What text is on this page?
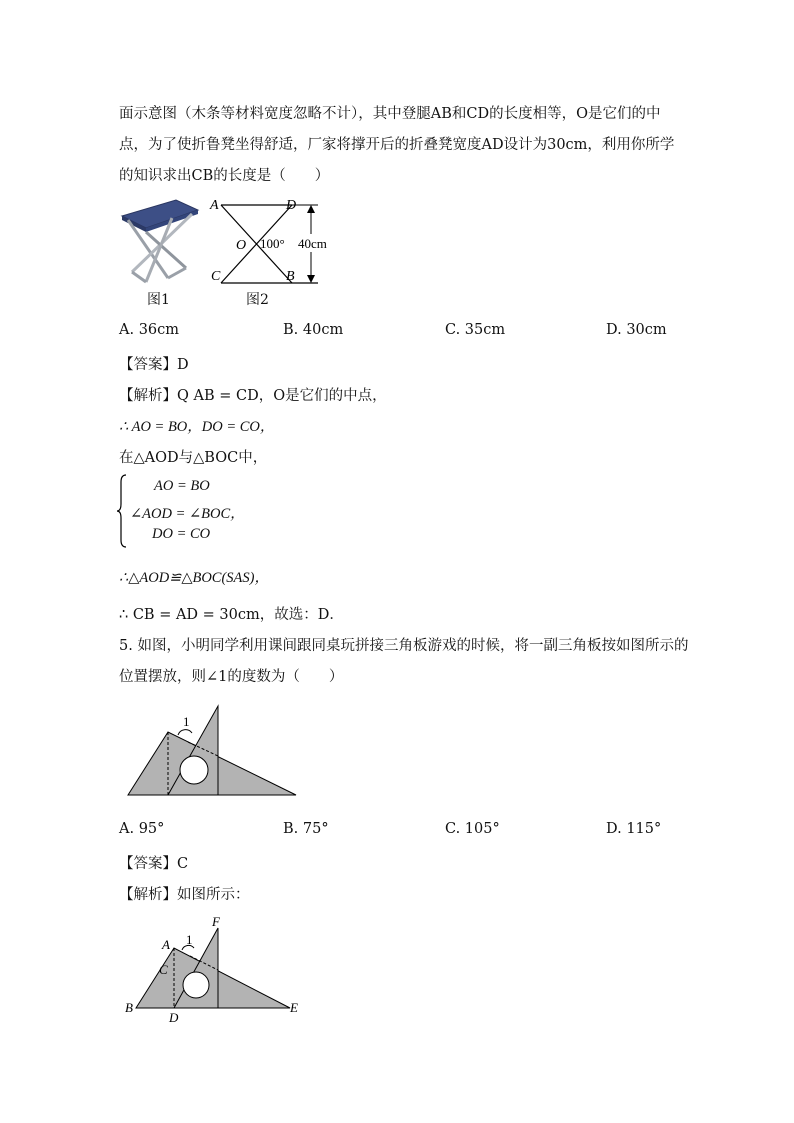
面示意图（木条等材料宽度忽略不计），其中登腿AB和CD的长度相等，O是它们的中
点，为了使折鲁凳坐得舒适，厂家将撑开后的折叠凳宽度AD设计为30cm，利用你所学
的知识求出CB的长度是（　　）
图1
A	D
O 100° 40cm
C	B
图2
A. 36cm	B. 40cm	C. 35cm	D. 30cm
【答案】D
【解析】Q AB = CD，O是它们的中点，
∴ AO = BO，DO = CO，
在△AOD与△BOC中，
AO = BO
∠AOD = ∠BOC，
DO = CO
∴△AOD≌△BOC(SAS)，
∴ CB = AD = 30cm，故选：D．
5. 如图，小明同学利用课间跟同桌玩拼接三角板游戏的时候，将一副三角板按如图所示的
位置摆放，则∠1的度数为（　　）
1
A. 95°	B. 75°	C. 105°	D. 115°
【答案】C
【解析】如图所示：
A
B
C
D
E
F
1
